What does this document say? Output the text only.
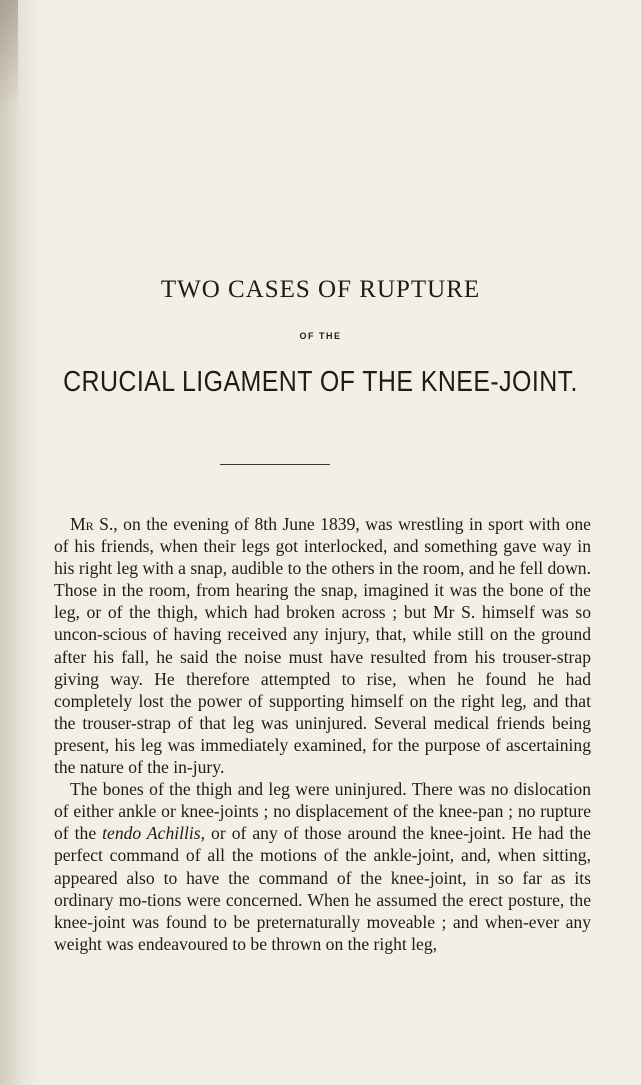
TWO CASES OF RUPTURE
OF THE
CRUCIAL LIGAMENT OF THE KNEE-JOINT.

Mr S., on the evening of 8th June 1839, was wrestling in sport with one of his friends, when their legs got interlocked, and something gave way in his right leg with a snap, audible to the others in the room, and he fell down. Those in the room, from hearing the snap, imagined it was the bone of the leg, or of the thigh, which had broken across ; but Mr S. himself was so uncon-scious of having received any injury, that, while still on the ground after his fall, he said the noise must have resulted from his trouser-strap giving way. He therefore attempted to rise, when he found he had completely lost the power of supporting himself on the right leg, and that the trouser-strap of that leg was uninjured. Several medical friends being present, his leg was immediately examined, for the purpose of ascertaining the nature of the in-jury.

The bones of the thigh and leg were uninjured. There was no dislocation of either ankle or knee-joints ; no displacement of the knee-pan ; no rupture of the tendo Achillis, or of any of those around the knee-joint. He had the perfect command of all the motions of the ankle-joint, and, when sitting, appeared also to have the command of the knee-joint, in so far as its ordinary mo-tions were concerned. When he assumed the erect posture, the knee-joint was found to be preternaturally moveable ; and when-ever any weight was endeavoured to be thrown on the right leg,
